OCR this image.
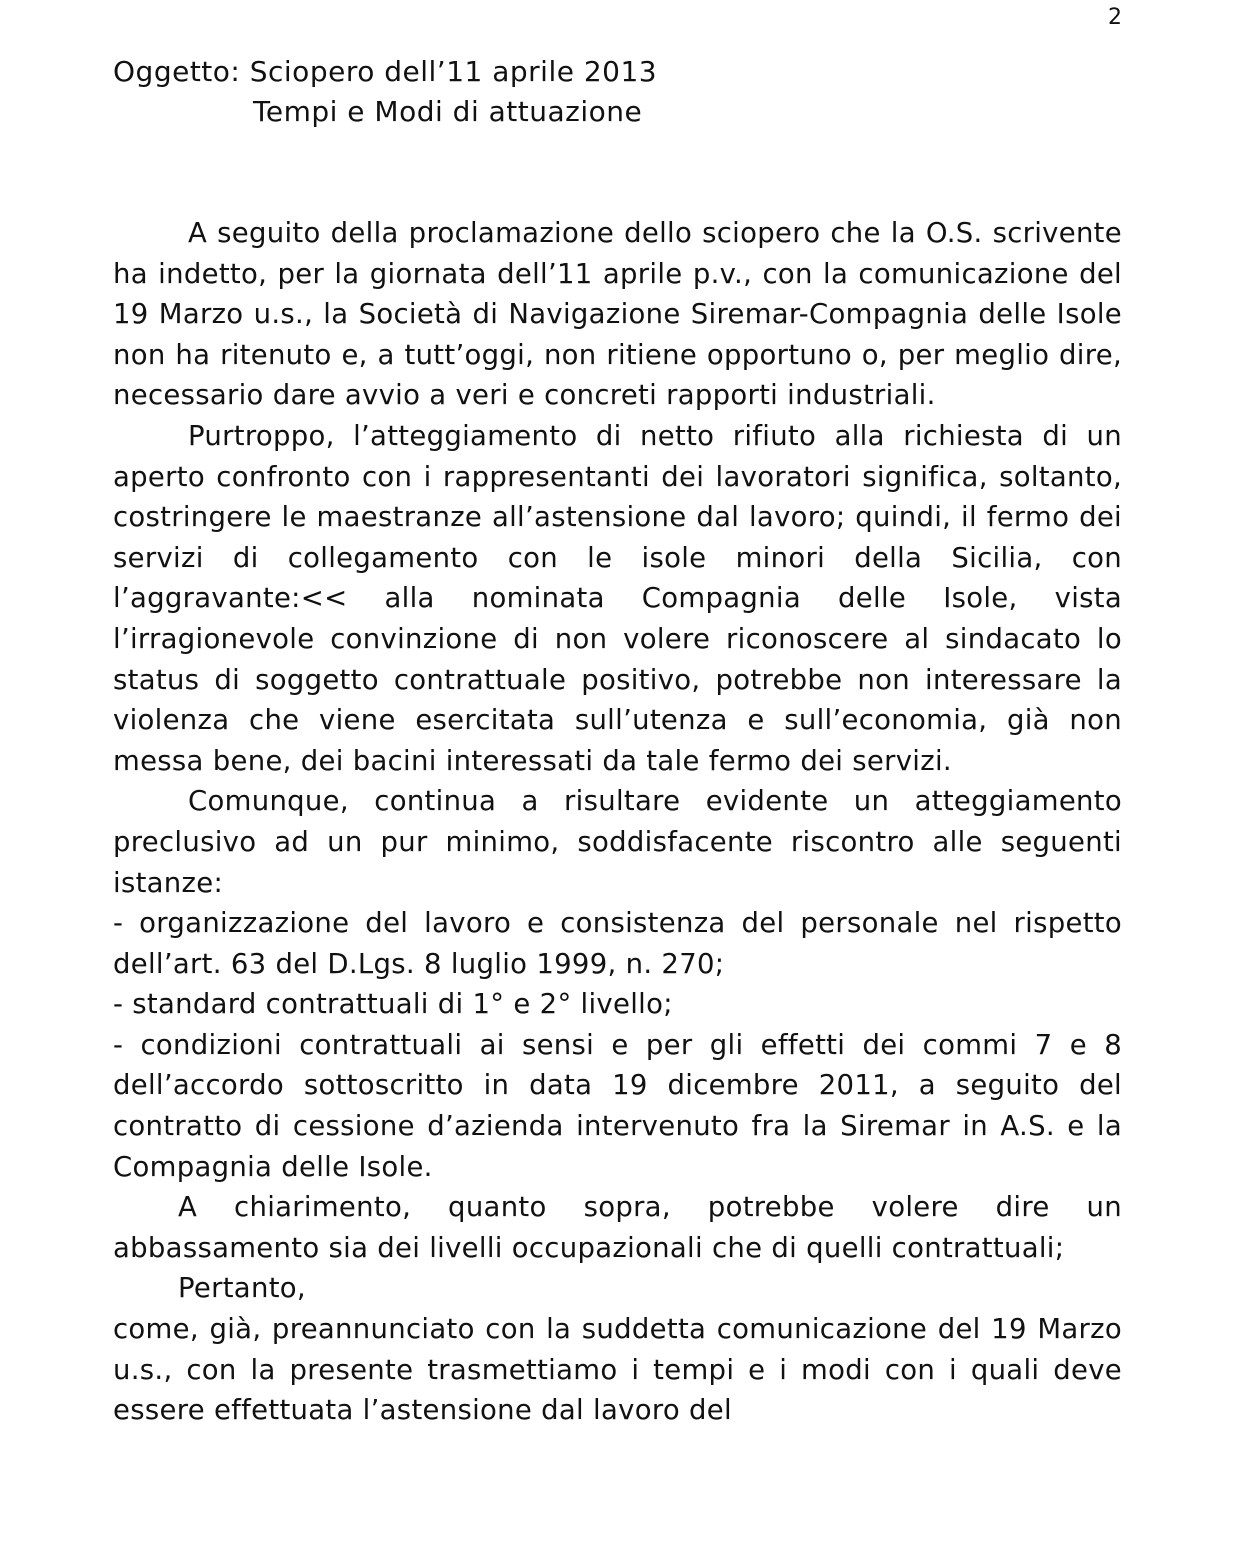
2
Oggetto: Sciopero dell’11 aprile 2013
Tempi e Modi di attuazione

A seguito della proclamazione dello sciopero che la O.S. scrivente ha indetto, per la giornata dell’11 aprile p.v., con la comunicazione del 19 Marzo u.s., la Società di Navigazione Siremar-Compagnia delle Isole non ha ritenuto e, a tutt’oggi, non ritiene opportuno o, per meglio dire, necessario dare avvio a veri e concreti rapporti industriali.

Purtroppo, l’atteggiamento di netto rifiuto alla richiesta di un aperto confronto con i rappresentanti dei lavoratori significa, soltanto, costringere le maestranze all’astensione dal lavoro; quindi, il fermo dei servizi di collegamento con le isole minori della Sicilia, con l’aggravante:<< alla nominata Compagnia delle Isole, vista l’irragionevole convinzione di non volere riconoscere al sindacato lo status di soggetto contrattuale positivo, potrebbe non interessare la violenza che viene esercitata sull’utenza e sull’economia, già non messa bene, dei bacini interessati da tale fermo dei servizi.

Comunque, continua a risultare evidente un atteggiamento preclusivo ad un pur minimo, soddisfacente riscontro alle seguenti istanze:

- organizzazione del lavoro e consistenza del personale nel rispetto dell’art. 63 del D.Lgs. 8 luglio 1999, n. 270;

- standard contrattuali di 1° e 2° livello;

- condizioni contrattuali ai sensi e per gli effetti dei commi 7 e 8 dell’accordo sottoscritto in data 19 dicembre 2011, a seguito del contratto di cessione d’azienda intervenuto fra la Siremar in A.S. e la Compagnia delle Isole.

A chiarimento, quanto sopra, potrebbe volere dire un abbassamento sia dei livelli occupazionali che di quelli contrattuali;

Pertanto,

come, già, preannunciato con la suddetta comunicazione del 19 Marzo u.s., con la presente trasmettiamo i tempi e i modi con i quali deve essere effettuata l’astensione dal lavoro del
